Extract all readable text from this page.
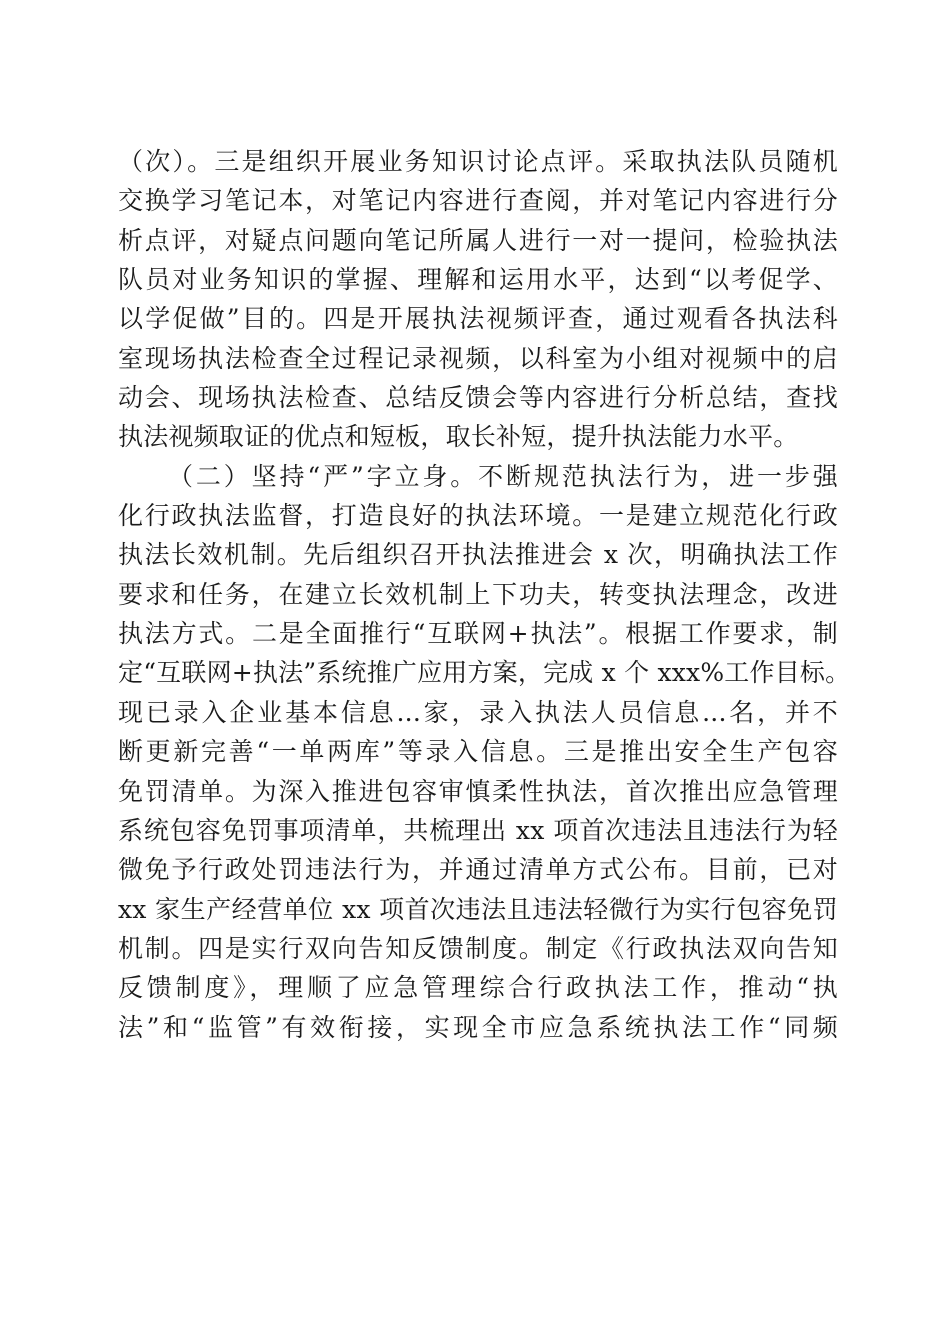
（次）。三是组织开展业务知识讨论点评。采取执法队员随机
交换学习笔记本，对笔记内容进行查阅，并对笔记内容进行分
析点评，对疑点问题向笔记所属人进行一对一提问，检验执法
队员对业务知识的掌握、理解和运用水平，达到“以考促学、
以学促做”目的。四是开展执法视频评查，通过观看各执法科
室现场执法检查全过程记录视频，以科室为小组对视频中的启
动会、现场执法检查、总结反馈会等内容进行分析总结，查找
执法视频取证的优点和短板，取长补短，提升执法能力水平。
（二）坚持“严”字立身。不断规范执法行为，进一步强
化行政执法监督，打造良好的执法环境。一是建立规范化行政
执法长效机制。先后组织召开执法推进会 x 次，明确执法工作
要求和任务，在建立长效机制上下功夫，转变执法理念，改进
执法方式。二是全面推行“互联网+执法”。根据工作要求，制
定“互联网+执法”系统推广应用方案，完成 x 个 xxx%工作目标。
现已录入企业基本信息...家，录入执法人员信息...名，并不
断更新完善“一单两库”等录入信息。三是推出安全生产包容
免罚清单。为深入推进包容审慎柔性执法，首次推出应急管理
系统包容免罚事项清单，共梳理出 xx 项首次违法且违法行为轻
微免予行政处罚违法行为，并通过清单方式公布。目前，已对
xx 家生产经营单位 xx 项首次违法且违法轻微行为实行包容免罚
机制。四是实行双向告知反馈制度。制定《行政执法双向告知
反馈制度》，理顺了应急管理综合行政执法工作，推动“执
法”和“监管”有效衔接，实现全市应急系统执法工作“同频
